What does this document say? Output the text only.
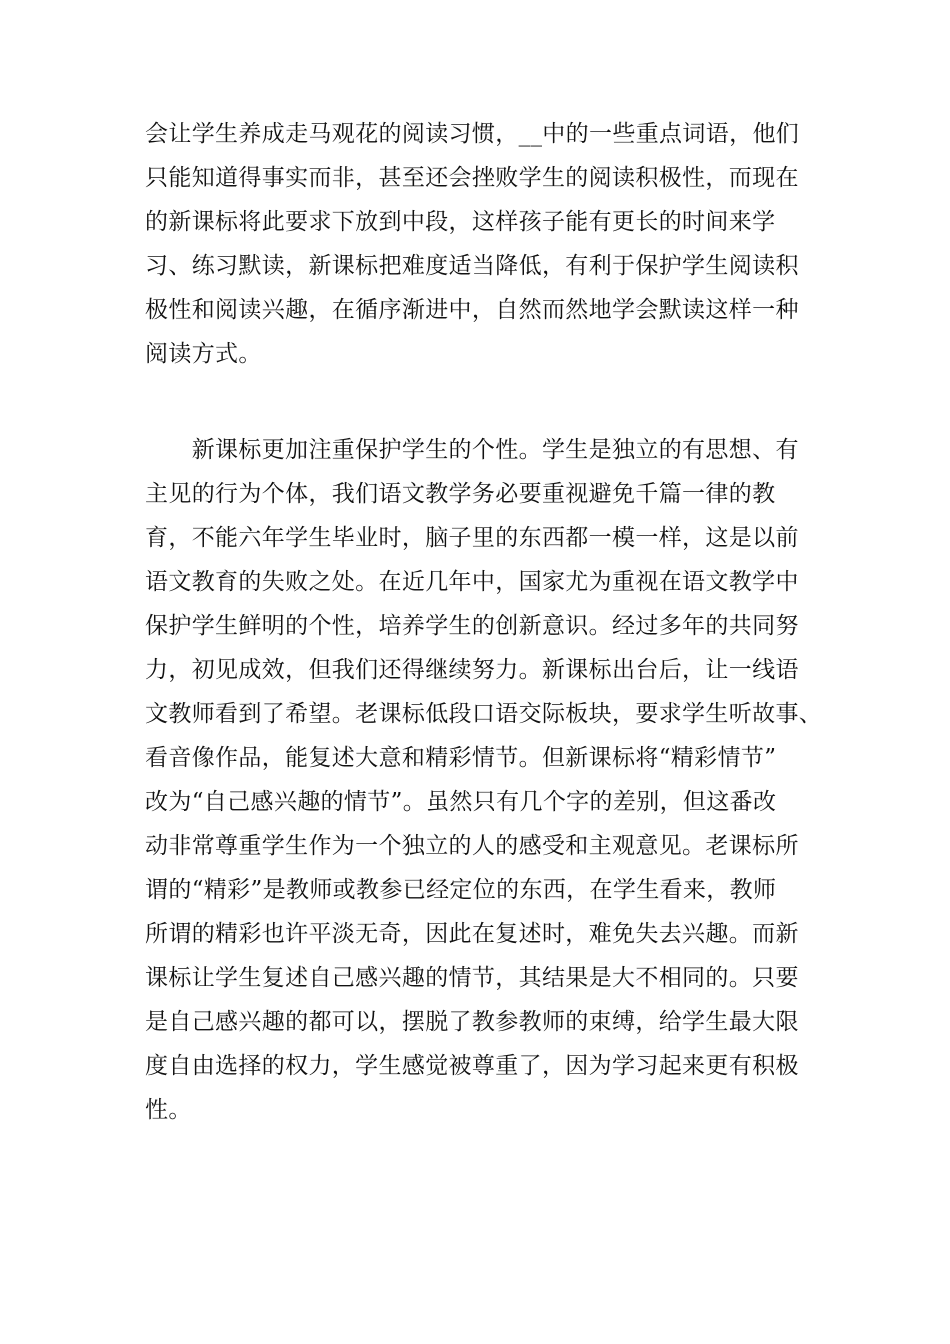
会让学生养成走马观花的阅读习惯，__中的一些重点词语，他们
只能知道得事实而非，甚至还会挫败学生的阅读积极性，而现在
的新课标将此要求下放到中段，这样孩子能有更长的时间来学
习、练习默读，新课标把难度适当降低，有利于保护学生阅读积
极性和阅读兴趣，在循序渐进中，自然而然地学会默读这样一种
阅读方式。

　　新课标更加注重保护学生的个性。学生是独立的有思想、有
主见的行为个体，我们语文教学务必要重视避免千篇一律的教
育，不能六年学生毕业时，脑子里的东西都一模一样，这是以前
语文教育的失败之处。在近几年中，国家尤为重视在语文教学中
保护学生鲜明的个性，培养学生的创新意识。经过多年的共同努
力，初见成效，但我们还得继续努力。新课标出台后，让一线语
文教师看到了希望。老课标低段口语交际板块，要求学生听故事、
看音像作品，能复述大意和精彩情节。但新课标将“精彩情节”
改为“自己感兴趣的情节”。虽然只有几个字的差别，但这番改
动非常尊重学生作为一个独立的人的感受和主观意见。老课标所
谓的“精彩”是教师或教参已经定位的东西，在学生看来，教师
所谓的精彩也许平淡无奇，因此在复述时，难免失去兴趣。而新
课标让学生复述自己感兴趣的情节，其结果是大不相同的。只要
是自己感兴趣的都可以，摆脱了教参教师的束缚，给学生最大限
度自由选择的权力，学生感觉被尊重了，因为学习起来更有积极
性。
